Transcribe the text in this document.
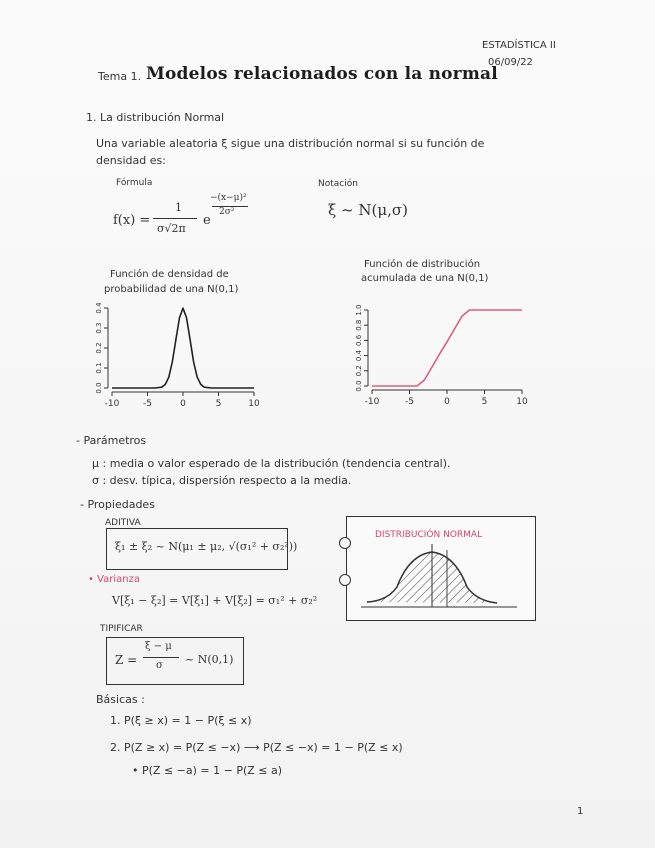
ESTADÍSTICA II
06/09/22
Tema 1. Modelos relacionados con la normal
1. La distribución Normal
Una variable aleatoria ξ sigue una distribución normal si su función de
densidad es:
Fórmula
f(x) =
1
σ√2π
e
−(x−μ)²
2σ²
Notación
ξ ~ N(μ,σ)
Función de densidad de
probabilidad de una N(0,1)
Función de distribución
acumulada de una N(0,1)
-10	-5	0	5	10
0.0
0.1
0.2
0.3
0.4
-10	-5	0	5	10
0.0
0.2
0.4
0.6
0.8
1.0
- Parámetros
μ : media o valor esperado de la distribución (tendencia central).
σ : desv. típica, dispersión respecto a la media.
- Propiedades
ADITIVA
ξ₁ ± ξ₂ ~ N(μ₁ ± μ₂, √(σ₁² + σ₂²))
• Varianza
V[ξ₁ − ξ₂] = V[ξ₁] + V[ξ₂] = σ₁² + σ₂²
TIPIFICAR
Z =
ξ − μ
σ ~ N(0,1)
DISTRIBUCIÓN NORMAL
Básicas :
1. P(ξ ≥ x) = 1 − P(ξ ≤ x)
2. P(Z ≥ x) = P(Z ≤ −x) ⟶ P(Z ≤ −x) = 1 − P(Z ≤ x)
• P(Z ≤ −a) = 1 − P(Z ≤ a)
1
